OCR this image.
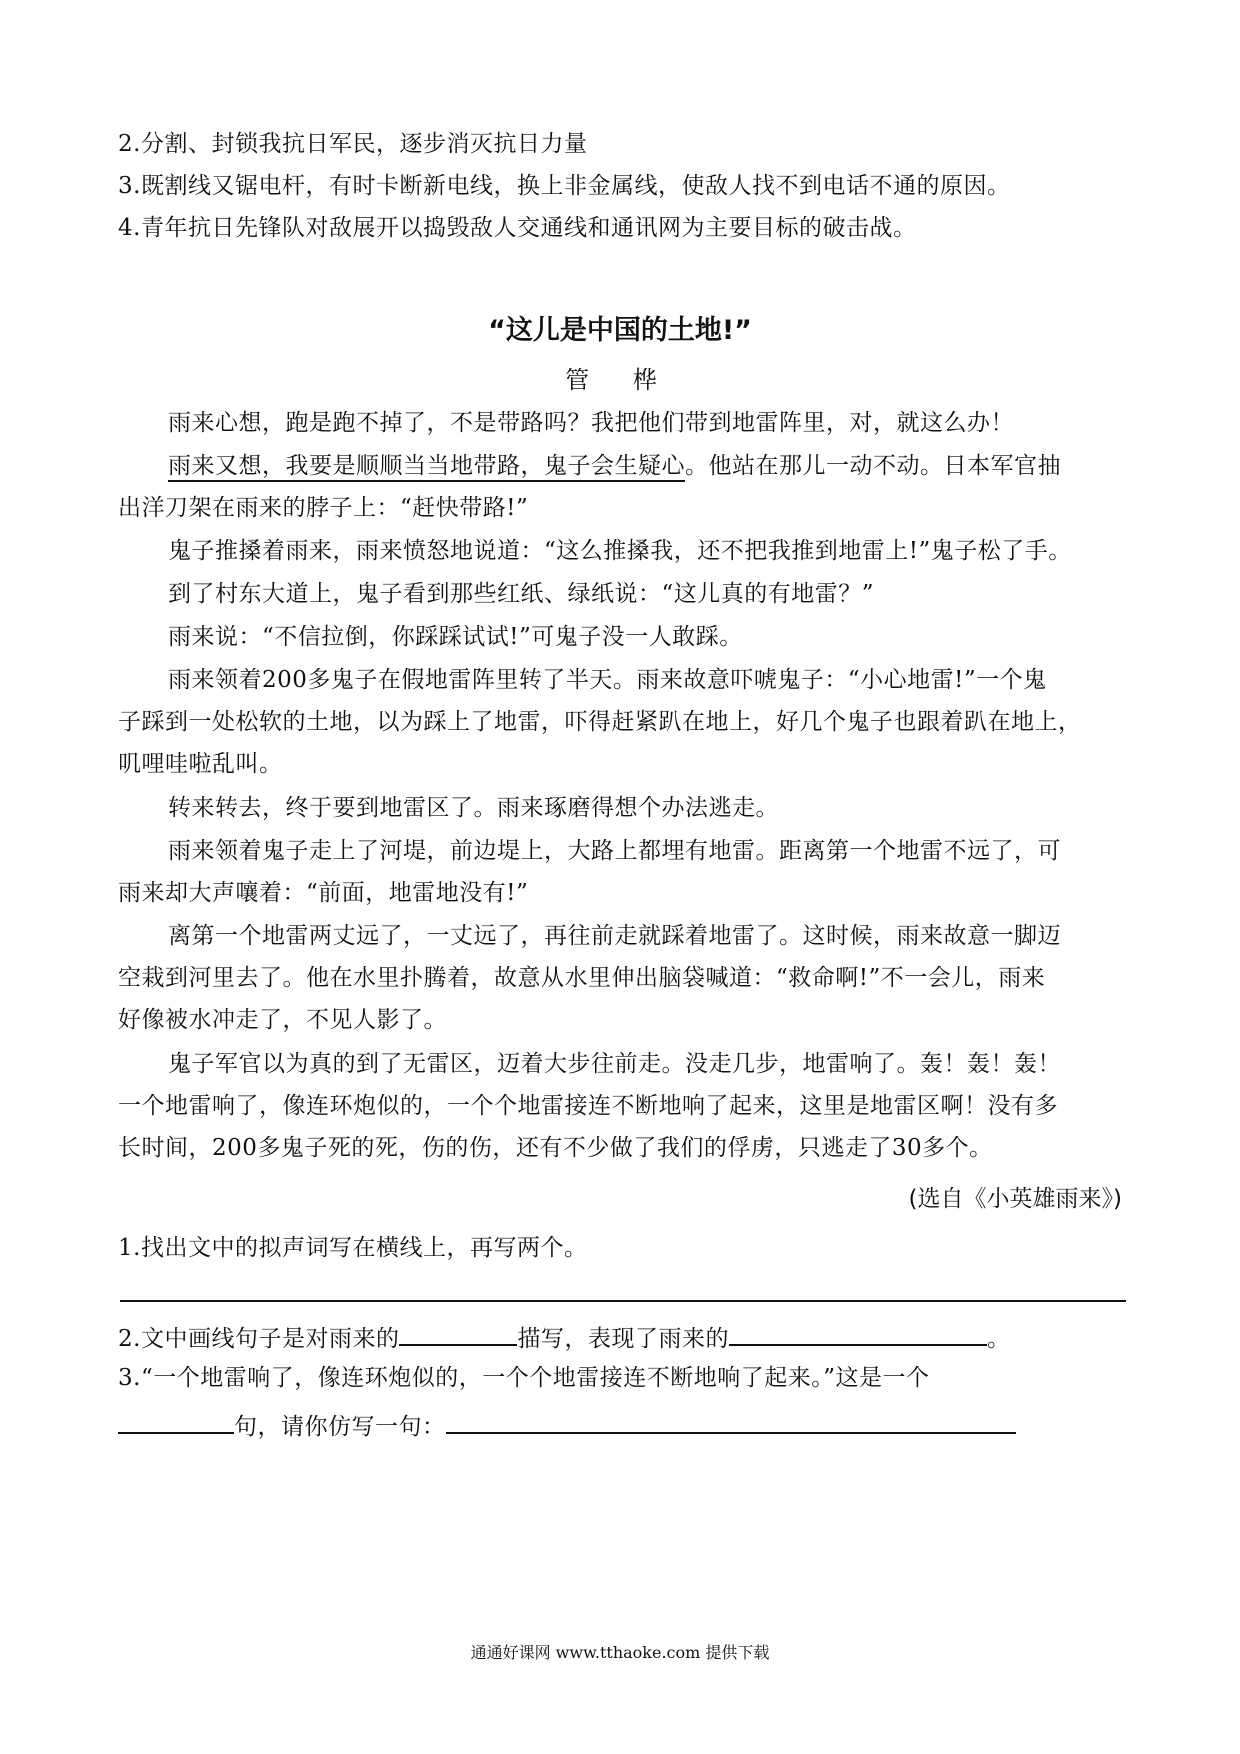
2.分割、封锁我抗日军民，逐步消灭抗日力量
3.既割线又锯电杆，有时卡断新电线，换上非金属线，使敌人找不到电话不通的原因。
4.青年抗日先锋队对敌展开以捣毁敌人交通线和通讯网为主要目标的破击战。
“这儿是中国的土地!”
管 桦
雨来心想，跑是跑不掉了，不是带路吗？我把他们带到地雷阵里，对，就这么办！
雨来又想，我要是顺顺当当地带路，鬼子会生疑心。他站在那儿一动不动。日本军官抽
出洋刀架在雨来的脖子上：“赶快带路!”
鬼子推搡着雨来，雨来愤怒地说道：“这么推搡我，还不把我推到地雷上!”鬼子松了手。
到了村东大道上，鬼子看到那些红纸、绿纸说：“这儿真的有地雷？”
雨来说：“不信拉倒，你踩踩试试!”可鬼子没一人敢踩。
雨来领着200多鬼子在假地雷阵里转了半天。雨来故意吓唬鬼子：“小心地雷!”一个鬼
子踩到一处松软的土地，以为踩上了地雷，吓得赶紧趴在地上，好几个鬼子也跟着趴在地上，
叽哩哇啦乱叫。
转来转去，终于要到地雷区了。雨来琢磨得想个办法逃走。
雨来领着鬼子走上了河堤，前边堤上，大路上都埋有地雷。距离第一个地雷不远了，可
雨来却大声嚷着：“前面，地雷地没有!”
离第一个地雷两丈远了，一丈远了，再往前走就踩着地雷了。这时候，雨来故意一脚迈
空栽到河里去了。他在水里扑腾着，故意从水里伸出脑袋喊道：“救命啊!”不一会儿，雨来
好像被水冲走了，不见人影了。
鬼子军官以为真的到了无雷区，迈着大步往前走。没走几步，地雷响了。轰！轰！轰！
一个地雷响了，像连环炮似的，一个个地雷接连不断地响了起来，这里是地雷区啊！没有多
长时间，200多鬼子死的死，伤的伤，还有不少做了我们的俘虏，只逃走了30多个。
(选自《小英雄雨来》)
1.找出文中的拟声词写在横线上，再写两个。
2.文中画线句子是对雨来的	描写，表现了雨来的	。
3.“一个地雷响了，像连环炮似的，一个个地雷接连不断地响了起来。”这是一个
句，请你仿写一句：
通通好课网 www.tthaoke.com 提供下载
